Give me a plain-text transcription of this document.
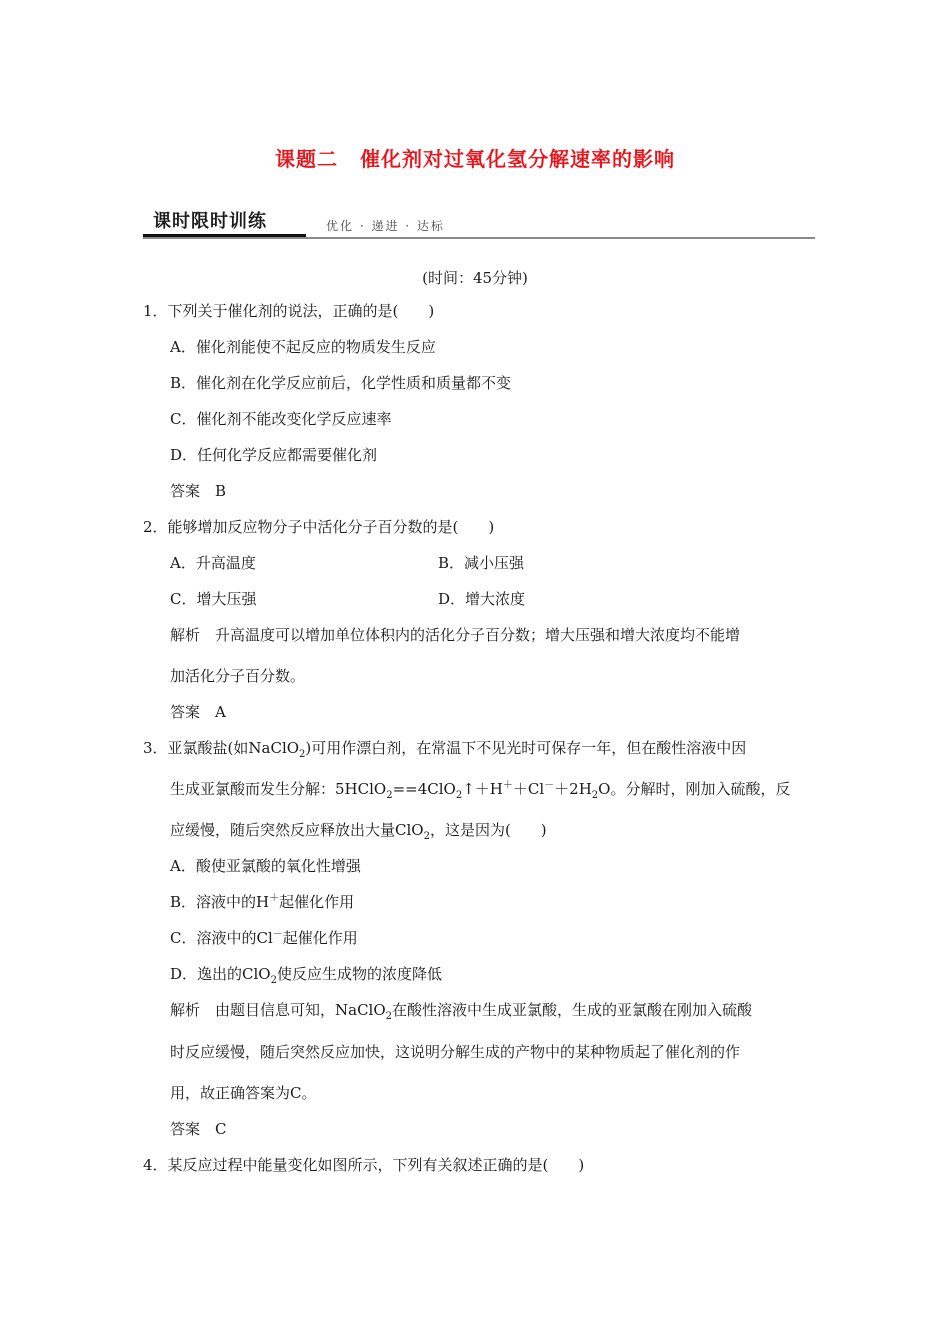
课题二 催化剂对过氧化氢分解速率的影响
课时限时训练	优化 · 递进 · 达标
(时间：45分钟)
1．下列关于催化剂的说法，正确的是(　　)
A．催化剂能使不起反应的物质发生反应
B．催化剂在化学反应前后，化学性质和质量都不变
C．催化剂不能改变化学反应速率
D．任何化学反应都需要催化剂
答案　B
2．能够增加反应物分子中活化分子百分数的是(　　)
A．升高温度	B．减小压强
C．增大压强	D．增大浓度
解析　升高温度可以增加单位体积内的活化分子百分数；增大压强和增大浓度均不能增
加活化分子百分数。
答案　A
3．亚氯酸盐(如NaClO$_2$)可用作漂白剂，在常温下不见光时可保存一年，但在酸性溶液中因
生成亚氯酸而发生分解：$5HClO_2==4ClO_2↑+H^++Cl^-+2H_2O$。分解时，刚加入硫酸，反
应缓慢，随后突然反应释放出大量ClO$_2$，这是因为(　　)
A．酸使亚氯酸的氧化性增强
B．溶液中的H＋起催化作用
C．溶液中的Cl－起催化作用
D．逸出的ClO$_2$使反应生成物的浓度降低
解析　由题目信息可知，NaClO$_2$在酸性溶液中生成亚氯酸，生成的亚氯酸在刚加入硫酸
时反应缓慢，随后突然反应加快，这说明分解生成的产物中的某种物质起了催化剂的作
用，故正确答案为C。
答案　C
4．某反应过程中能量变化如图所示，下列有关叙述正确的是(　　)
